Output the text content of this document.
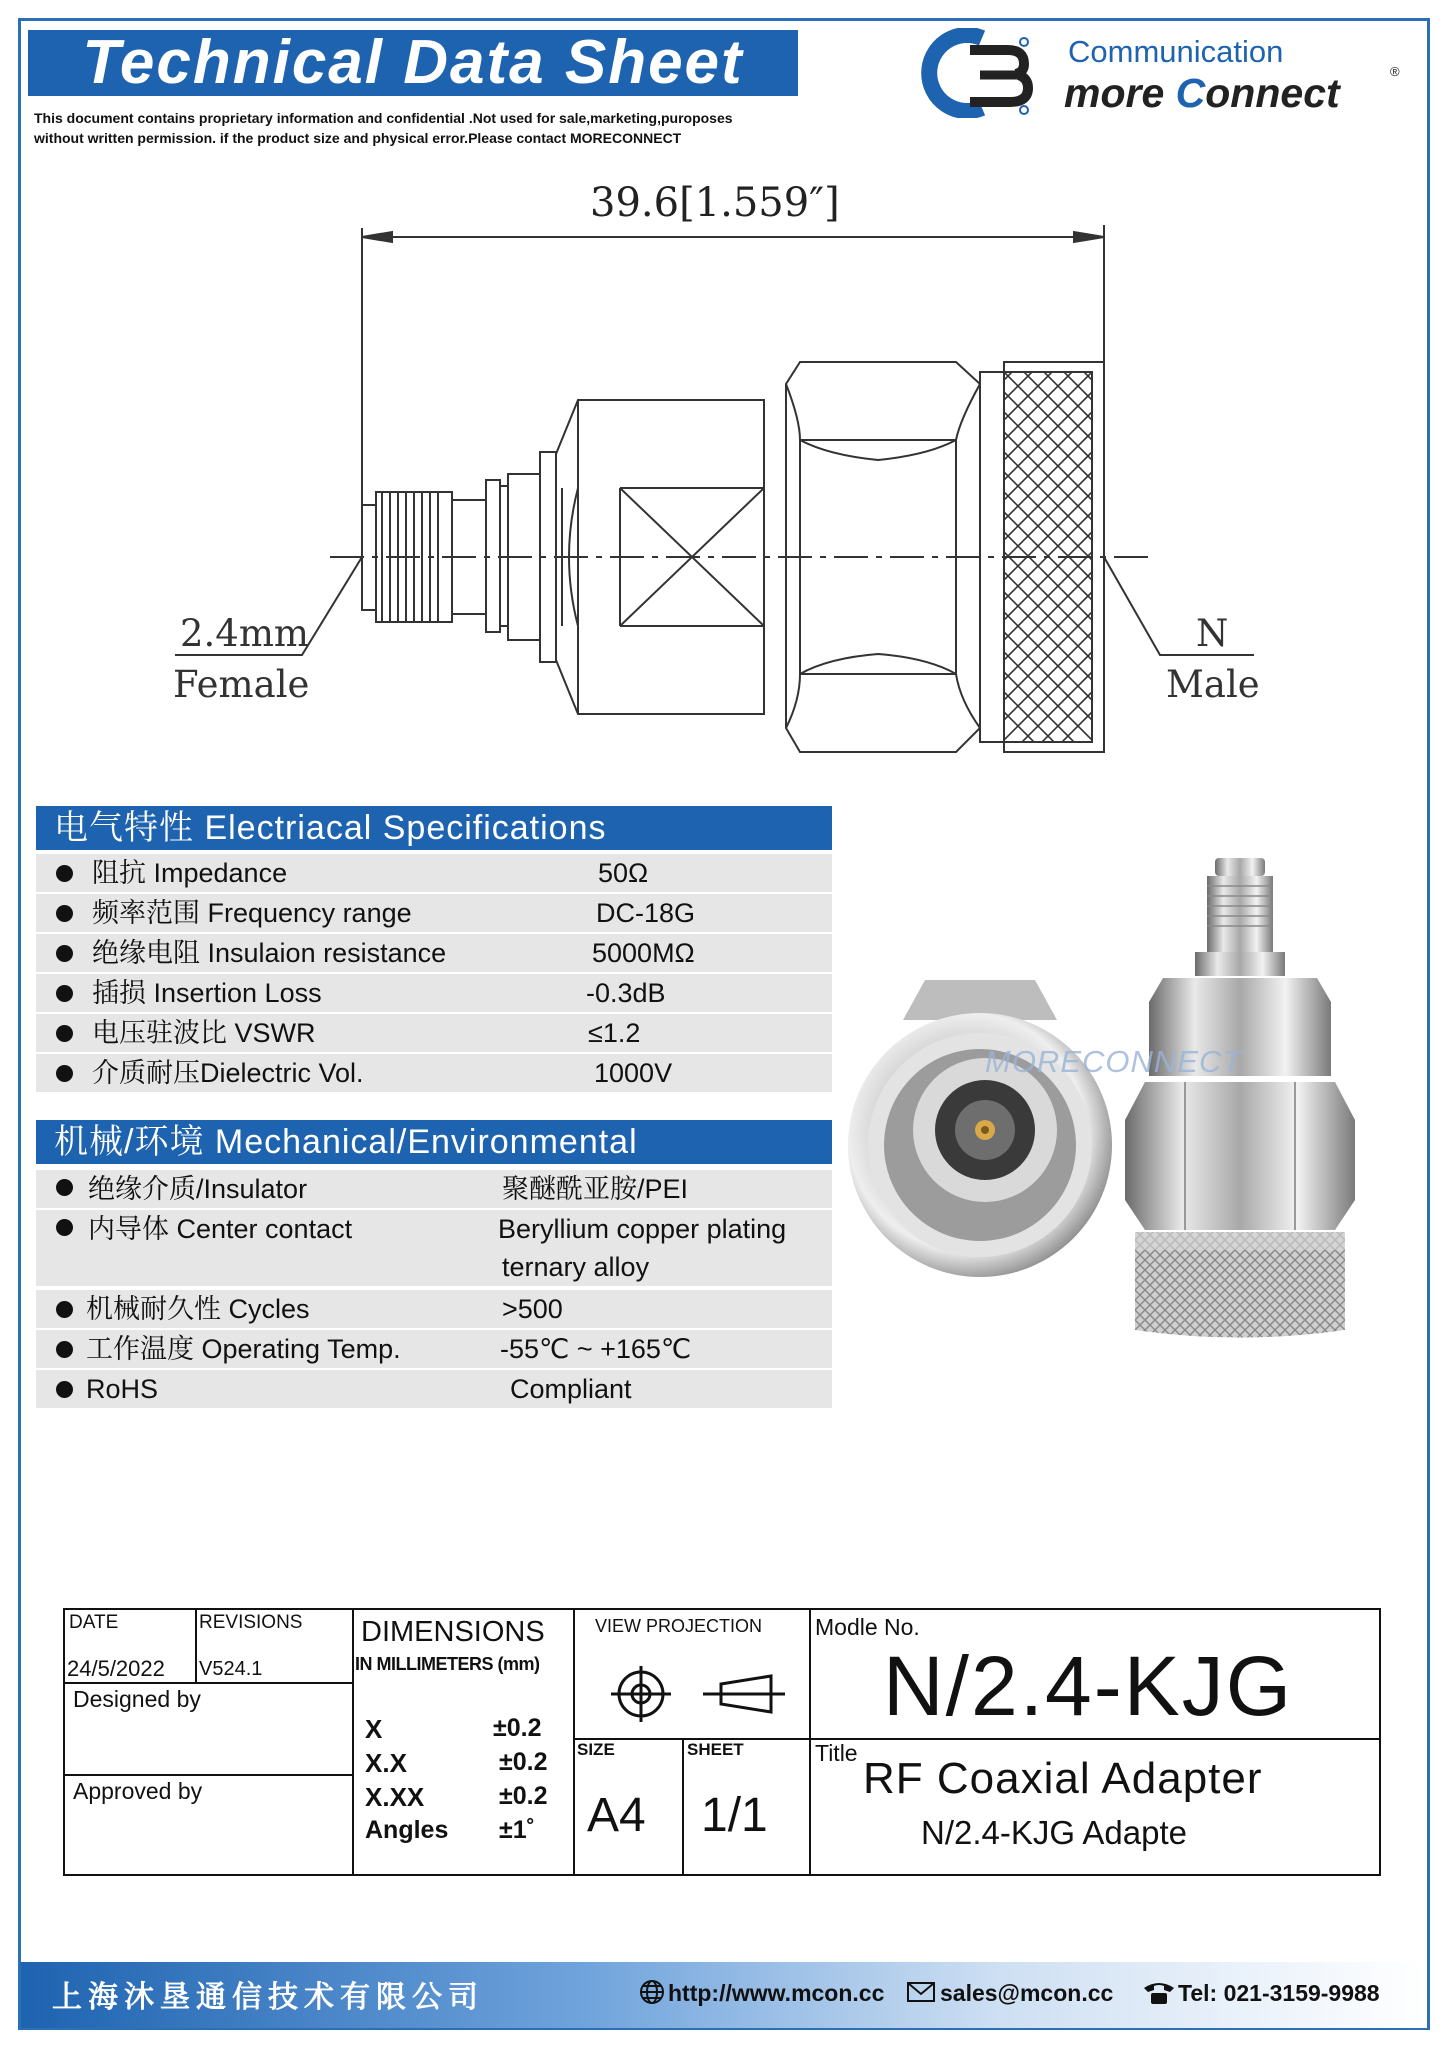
Technical Data Sheet
This document contains proprietary information and confidential .Not used for sale,marketing,puroposes
without written permission. if the product size and physical error.Please contact MORECONNECT
Communication
more Connect	®
39.6[1.559″]
2.4mm
Female
N
Male
电气特性 Electriacal Specifications
阻抗 Impedance	50Ω
频率范围 Frequency range	DC-18G
绝缘电阻 Insulaion resistance	5000MΩ
插损 Insertion Loss	-0.3dB
电压驻波比 VSWR	≤1.2
介质耐压Dielectric Vol.	1000V
机械/环境 Mechanical/Environmental
绝缘介质/Insulator	聚醚酰亚胺/PEI
内导体 Center contact	Beryllium copper plating
ternary alloy
机械耐久性 Cycles	>500
工作温度 Operating Temp.	-55℃ ~ +165℃
RoHS	Compliant
MORECONNECT
DATE
24/5/2022
REVISIONS
V524.1
Designed by
Approved by
DIMENSIONS
IN MILLIMETERS (mm)
X	±0.2
X.X	±0.2
X.XX	±0.2
Angles ±1˚
VIEW PROJECTION
SIZE
A4
SHEET
1/1
Modle No.
N/2.4-KJG
Title
RF Coaxial Adapter
N/2.4-KJG Adapte
上海沐垦通信技术有限公司	http://www.mcon.cc sales@mcon.cc	Tel: 021-3159-9988
